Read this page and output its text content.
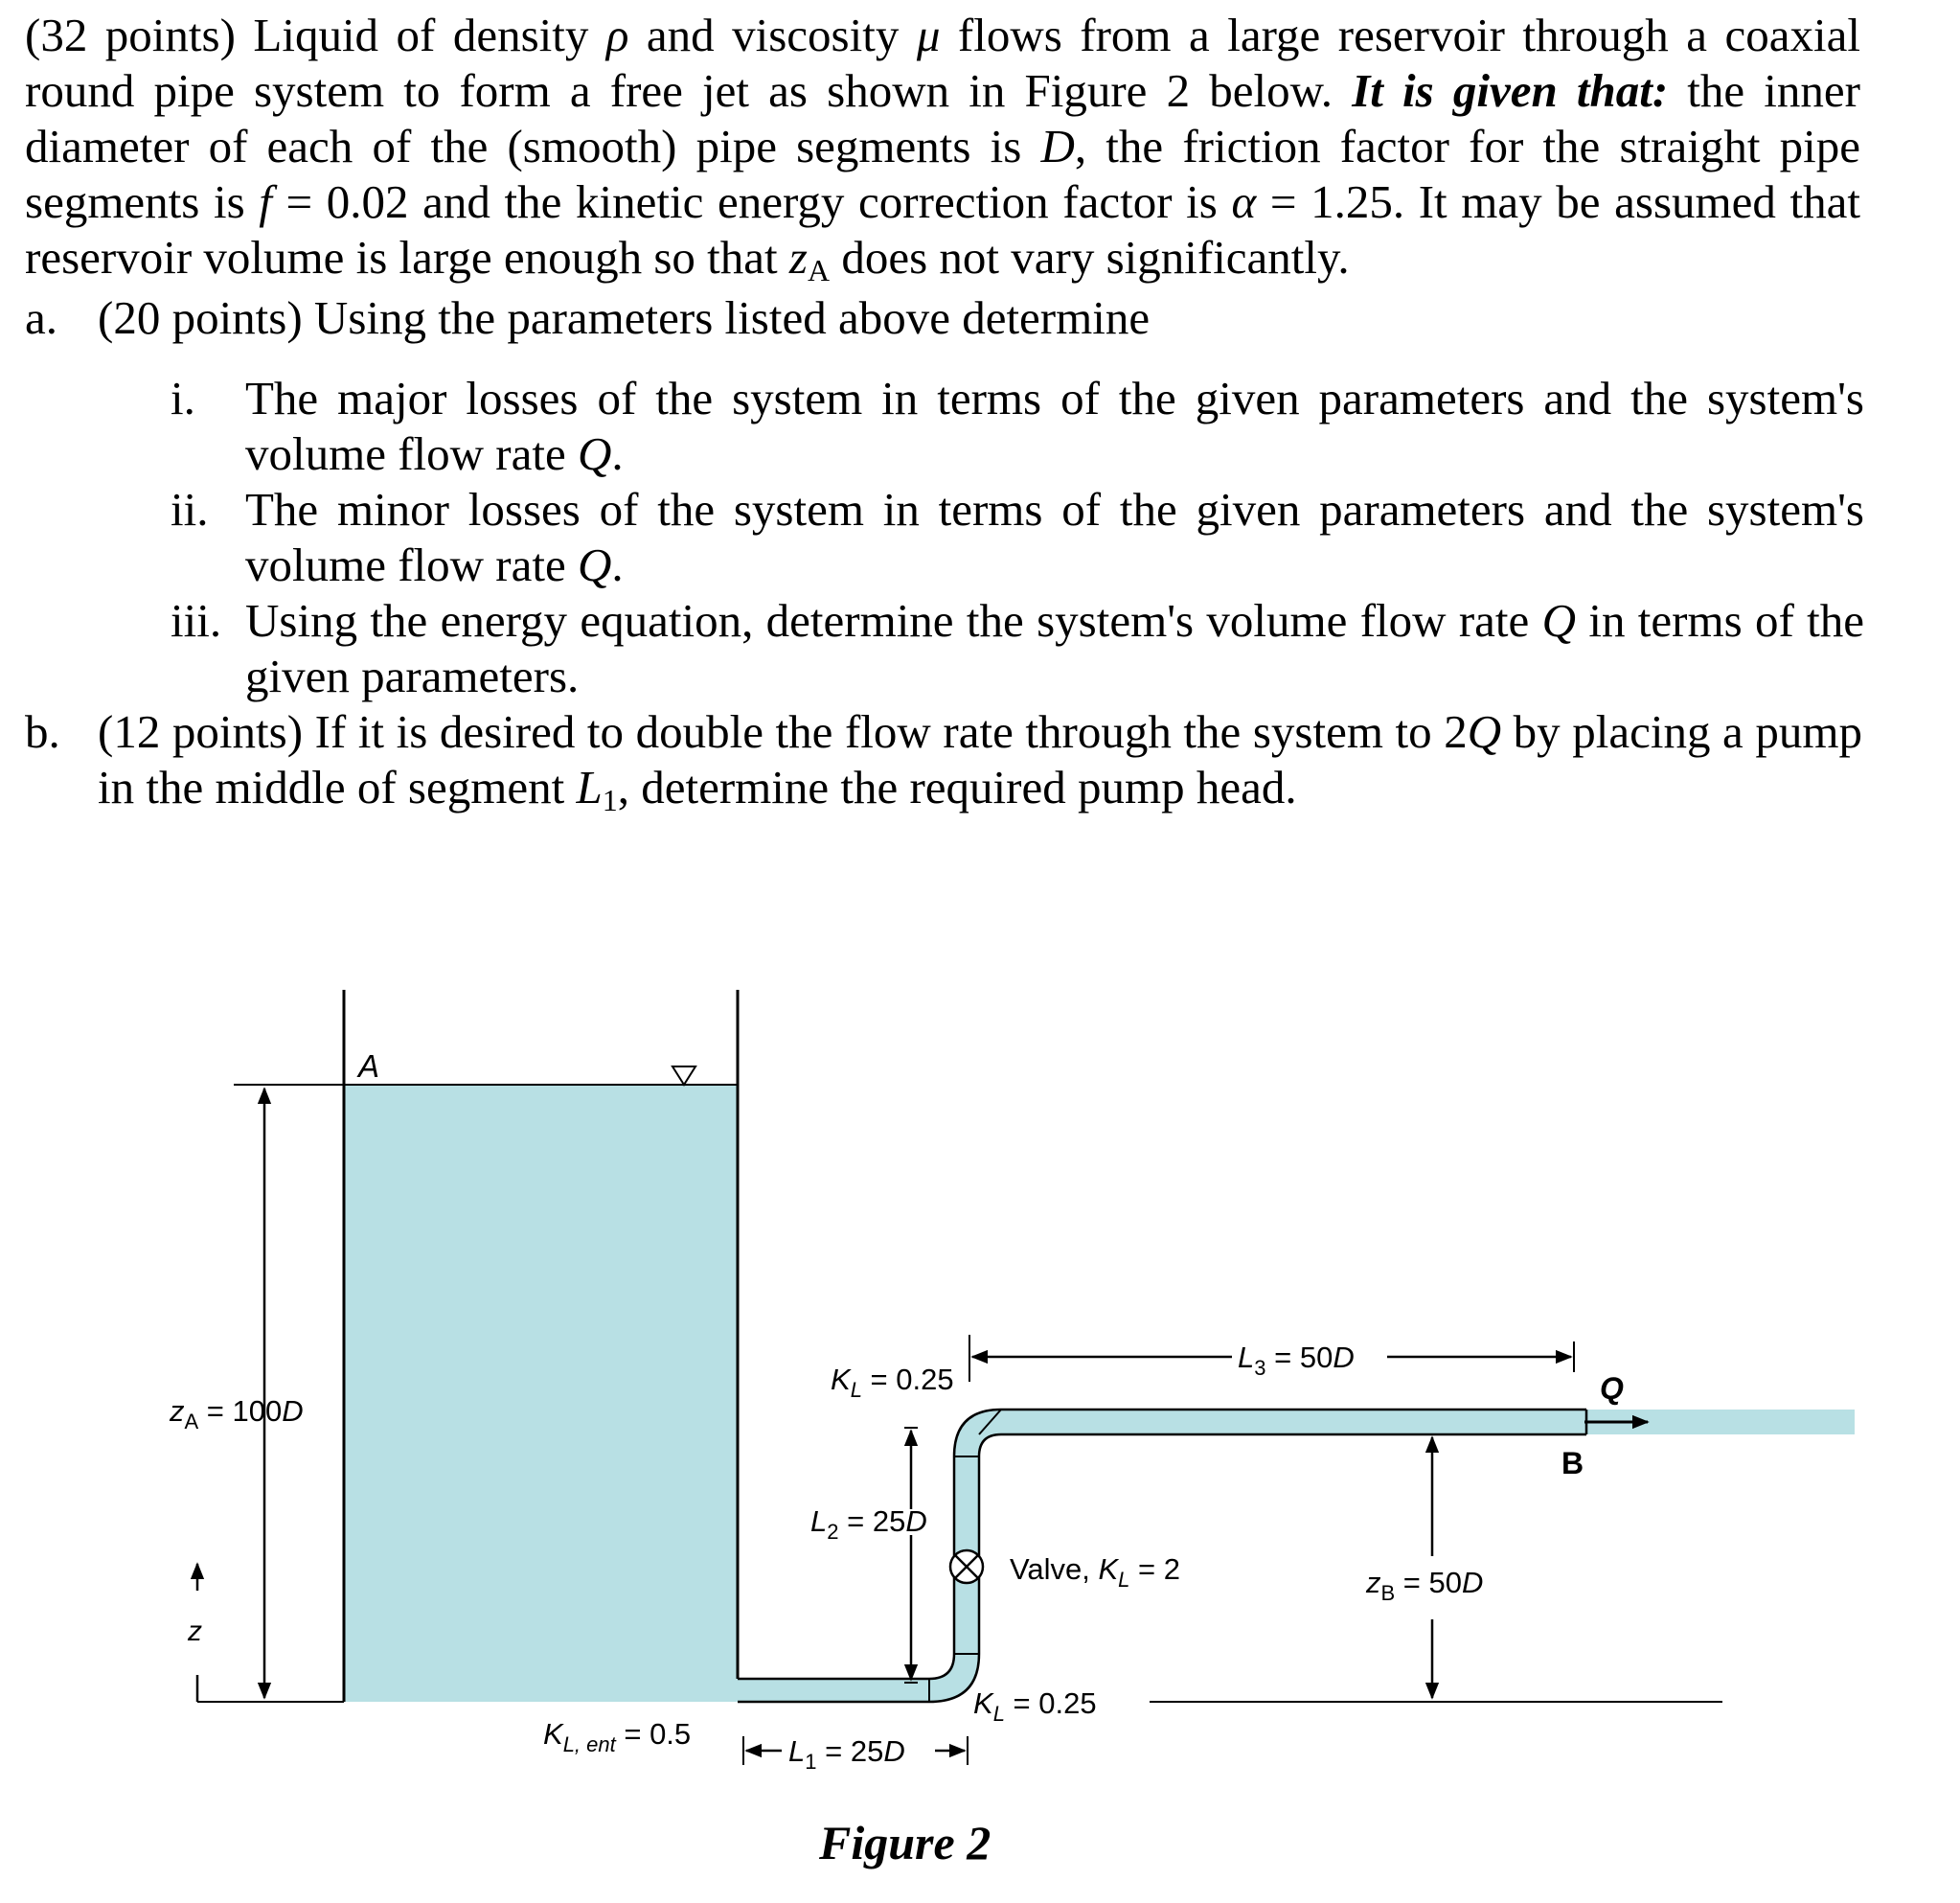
(32 points) Liquid of density ρ and viscosity μ flows from a large reservoir through a coaxial round pipe system to form a free jet as shown in Figure 2 below. It is given that: the inner diameter of each of the (smooth) pipe segments is D, the friction factor for the straight pipe segments is f = 0.02 and the kinetic energy correction factor is α = 1.25. It may be assumed that reservoir volume is large enough so that zA does not vary significantly.

a. (20 points) Using the parameters listed above determine

i.	The major losses of the system in terms of the given parameters and the system's volume flow rate Q.

ii. The minor losses of the system in terms of the given parameters and the system's volume flow rate Q.

iii. Using the energy equation, determine the system's volume flow rate Q in terms of the given parameters.

b. (12 points) If it is desired to double the flow rate through the system to 2Q by placing a pump in the middle of segment L1, determine the required pump head.

A
B
Q
z
$z_A = 100D$
$z_B = 50D$
$K_{L, ent} = 0.5$
$K_L = 0.25$
$K_L = 0.25$
Valve, $K_L = 2$
$L_1 = 25D$
$L_2 = 25D$
$L_3 = 50D$
Figure 2
